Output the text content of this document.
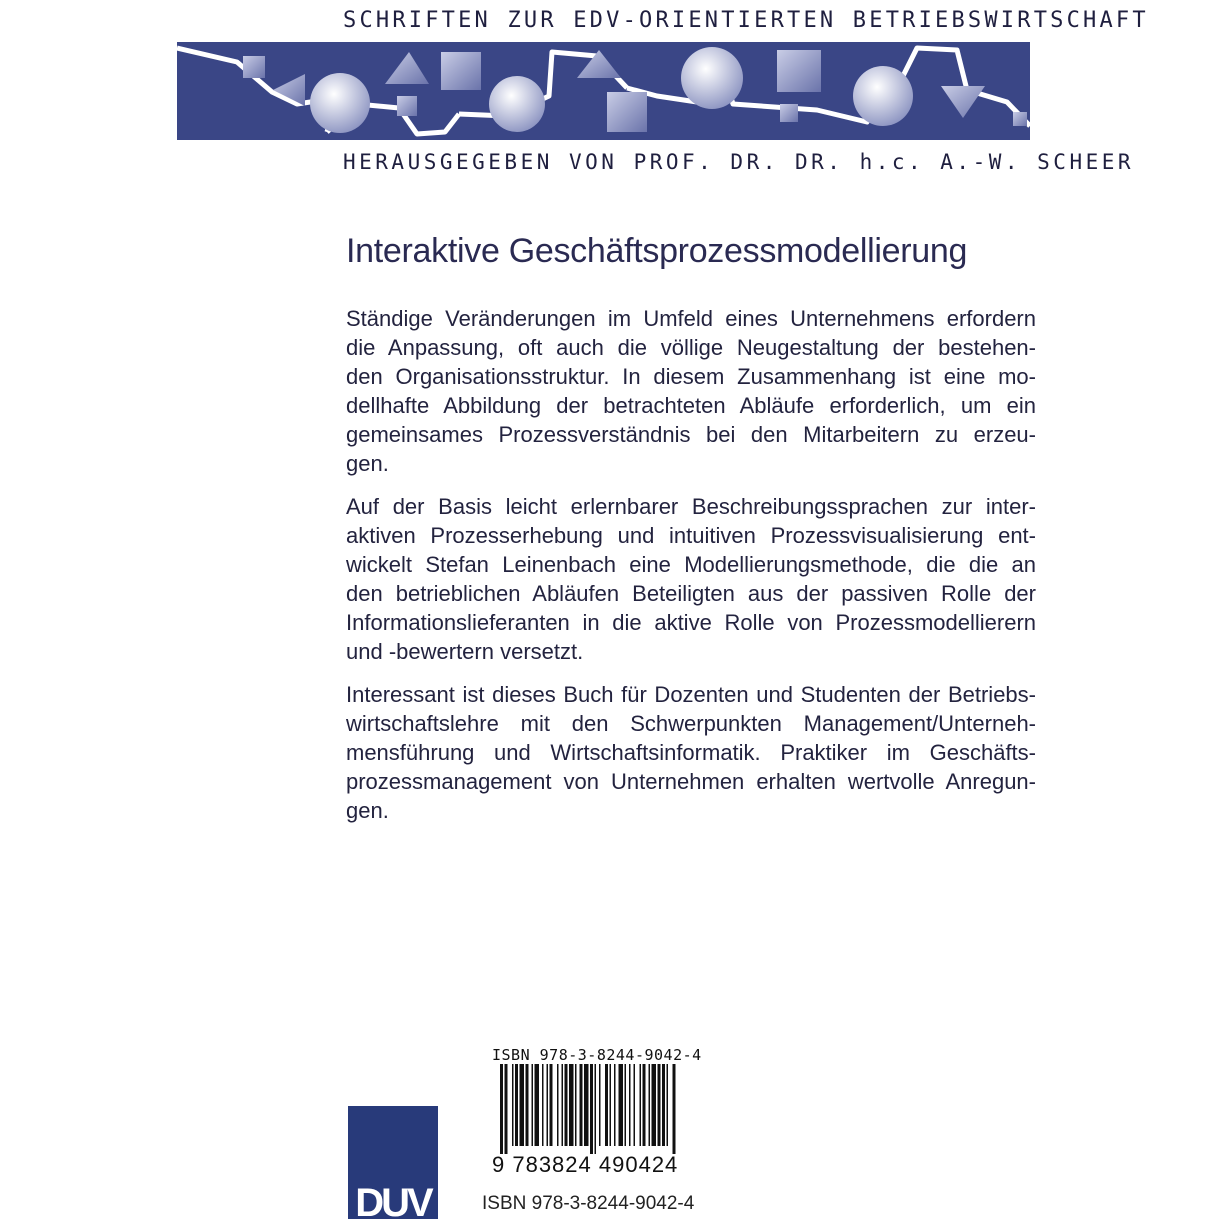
SCHRIFTEN ZUR EDV-ORIENTIERTEN BETRIEBSWIRTSCHAFT
HERAUSGEGEBEN VON PROF. DR. DR. h.c. A.-W. SCHEER
Interaktive Geschäftsprozessmodellierung

Ständige Veränderungen im Umfeld eines Unternehmens erfordern
die Anpassung, oft auch die völlige Neugestaltung der bestehen-
den Organisationsstruktur. In diesem Zusammenhang ist eine mo-
dellhafte Abbildung der betrachteten Abläufe erforderlich, um ein
gemeinsames Prozessverständnis bei den Mitarbeitern zu erzeu-
gen.

Auf der Basis leicht erlernbarer Beschreibungssprachen zur inter-
aktiven Prozesserhebung und intuitiven Prozessvisualisierung ent-
wickelt Stefan Leinenbach eine Modellierungsmethode, die die an
den betrieblichen Abläufen Beteiligten aus der passiven Rolle der
Informationslieferanten in die aktive Rolle von Prozessmodellierern
und -bewertern versetzt.

Interessant ist dieses Buch für Dozenten und Studenten der Betriebs-
wirtschaftslehre mit den Schwerpunkten Management/Unterneh-
mensführung und Wirtschaftsinformatik. Praktiker im Geschäfts-
prozessmanagement von Unternehmen erhalten wertvolle Anregun-
gen.

ISBN 978-3-8244-9042-4
9 783824 490424
DUV	ISBN 978-3-8244-9042-4
